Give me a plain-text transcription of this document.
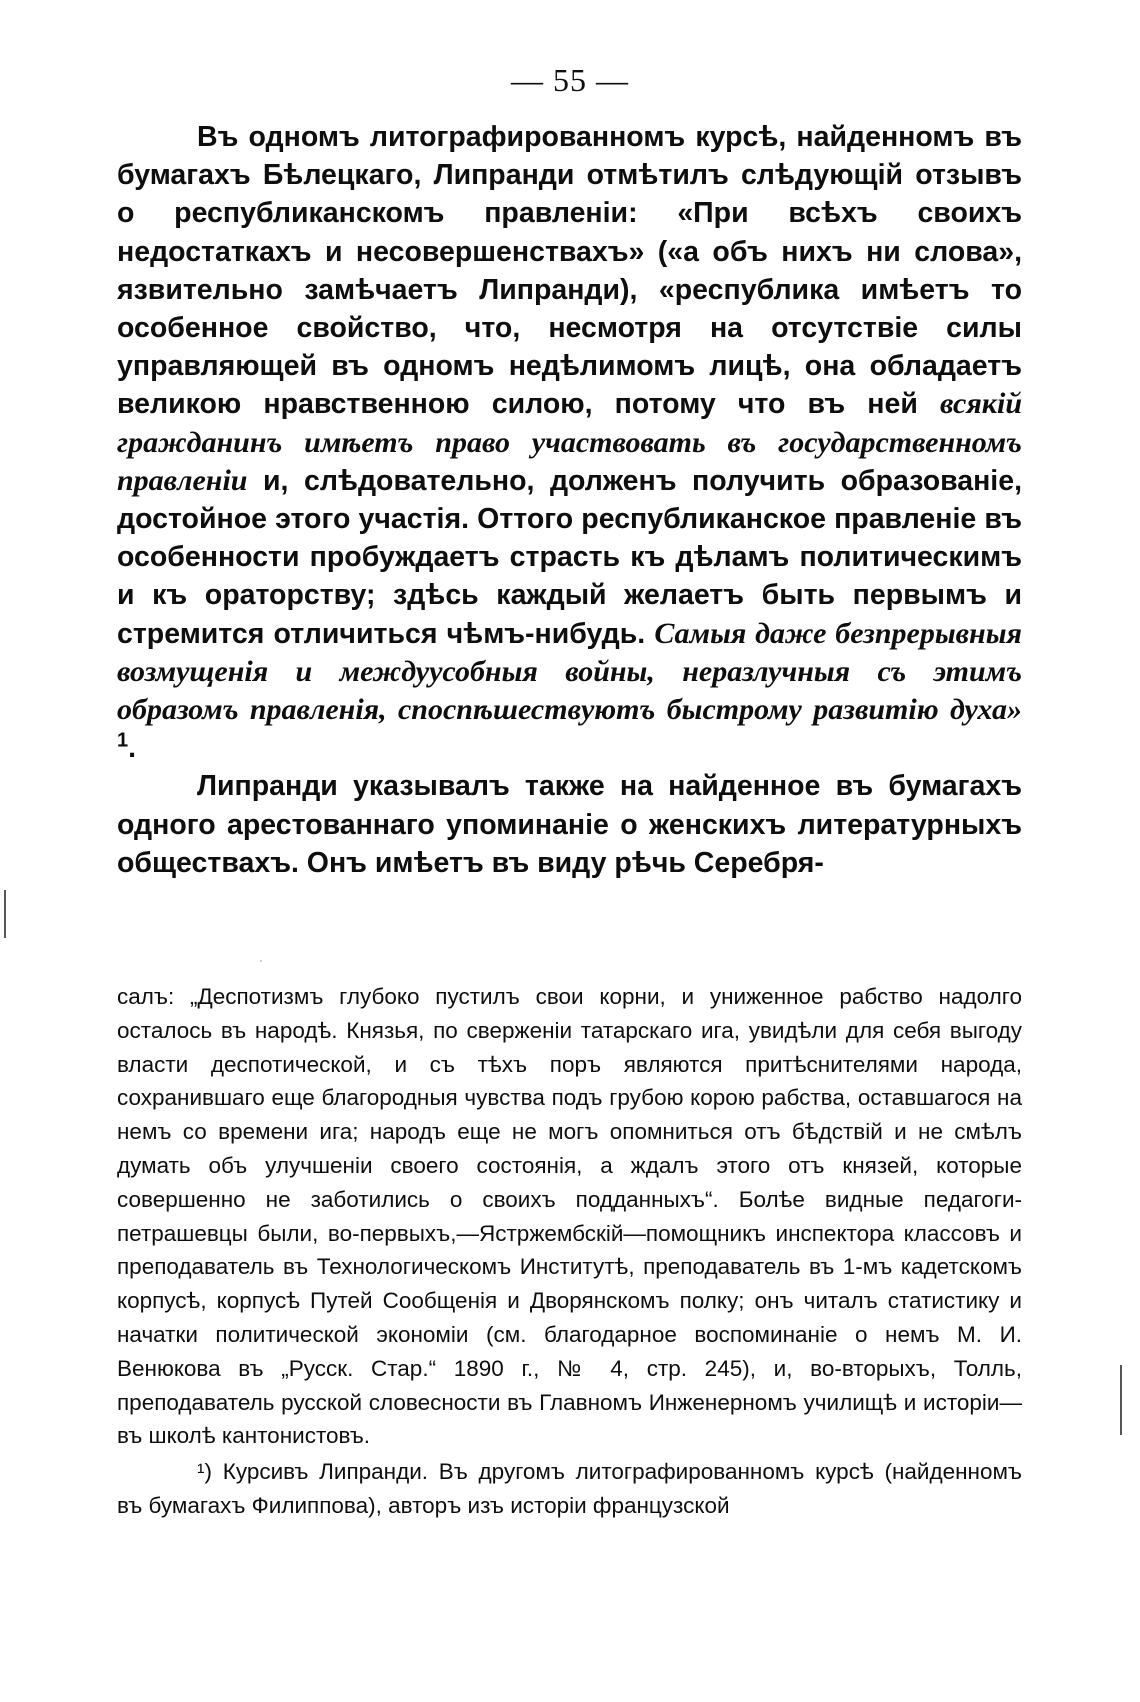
— 55 —

Въ одномъ литографированномъ курсѣ, найденномъ въ бумагахъ Бѣлецкаго, Липранди отмѣтилъ слѣдующій отзывъ о республиканскомъ правленіи: «При всѣхъ своихъ недостаткахъ и несовершенствахъ» («а объ нихъ ни слова», язвительно замѣчаетъ Липранди), «республика имѣетъ то особенное свойство, что, несмотря на отсутствіе силы управляющей въ одномъ недѣлимомъ лицѣ, она обладаетъ великою нравственною силою, потому что въ ней всякій гражданинъ имѣетъ право участвовать въ государственномъ правленіи и, слѣдовательно, долженъ получить образованіе, достойное этого участія. Оттого республиканское правленіе въ особенности пробуждаетъ страсть къ дѣламъ политическимъ и къ ораторству; здѣсь каждый желаетъ быть первымъ и стремится отличиться чѣмъ-нибудь. Самыя даже безпрерывныя возмущенія и междуусобныя войны, неразлучныя съ этимъ образомъ правленія, споспѣшествуютъ быстрому развитію духа» $^1$.

Липранди указывалъ также на найденное въ бумагахъ одного арестованнаго упоминаніе о женскихъ литературныхъ обществахъ. Онъ имѣетъ въ виду рѣчь Серебря-

салъ: „Деспотизмъ глубоко пустилъ свои корни, и униженное рабство надолго осталось въ народѣ. Князья, по сверженіи татарскаго ига, увидѣли для себя выгоду власти деспотической, и съ тѣхъ поръ являются притѣснителями народа, сохранившаго еще благородныя чувства подъ грубою корою рабства, оставшагося на немъ со времени ига; народъ еще не могъ опомниться отъ бѣдствій и не смѣлъ думать объ улучшеніи своего состоянія, а ждалъ этого отъ князей, которые совершенно не заботились о своихъ подданныхъ“. Болѣе видные педагоги-петрашевцы были, во-первыхъ,—Ястржембскій—помощникъ инспектора классовъ и преподаватель въ Технологическомъ Институтѣ, преподаватель въ 1-мъ кадетскомъ корпусѣ, корпусѣ Путей Сообщенія и Дворянскомъ полку; онъ читалъ статистику и начатки политической экономіи (см. благодарное воспоминаніе о немъ М. И. Венюкова въ „Русск. Стар.“ 1890 г., № 4, стр. 245), и, во-вторыхъ, Толль, преподаватель русской словесности въ Главномъ Инженерномъ училищѣ и исторіи—въ школѣ кантонистовъ.

¹) Курсивъ Липранди. Въ другомъ литографированномъ курсѣ (найденномъ въ бумагахъ Филиппова), авторъ изъ исторіи французской
